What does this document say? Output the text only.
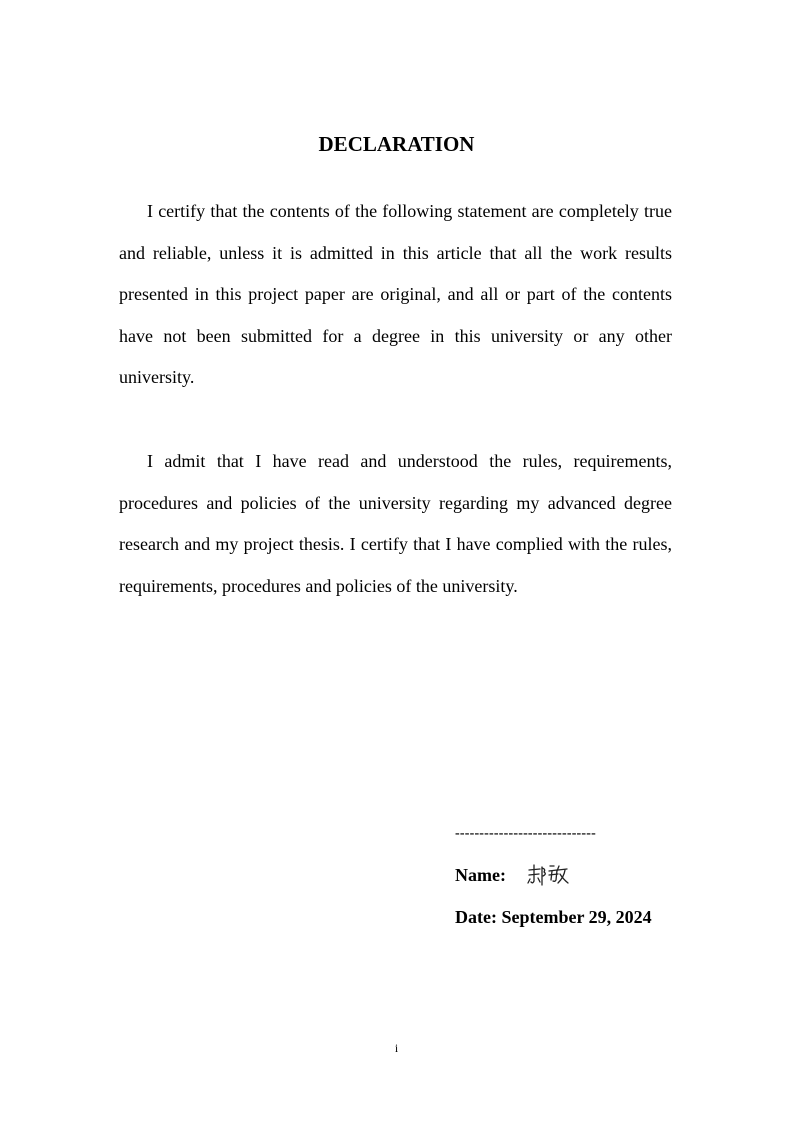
DECLARATION

I certify that the contents of the following statement are completely true and reliable, unless it is admitted in this article that all the work results presented in this project paper are original, and all or part of the contents have not been submitted for a degree in this university or any other university.

I admit that I have read and understood the rules, requirements, procedures and policies of the university regarding my advanced degree research and my project thesis. I certify that I have complied with the rules, requirements, procedures and policies of the university.

-----------------------------
Name:
Date: September 29, 2024
i
